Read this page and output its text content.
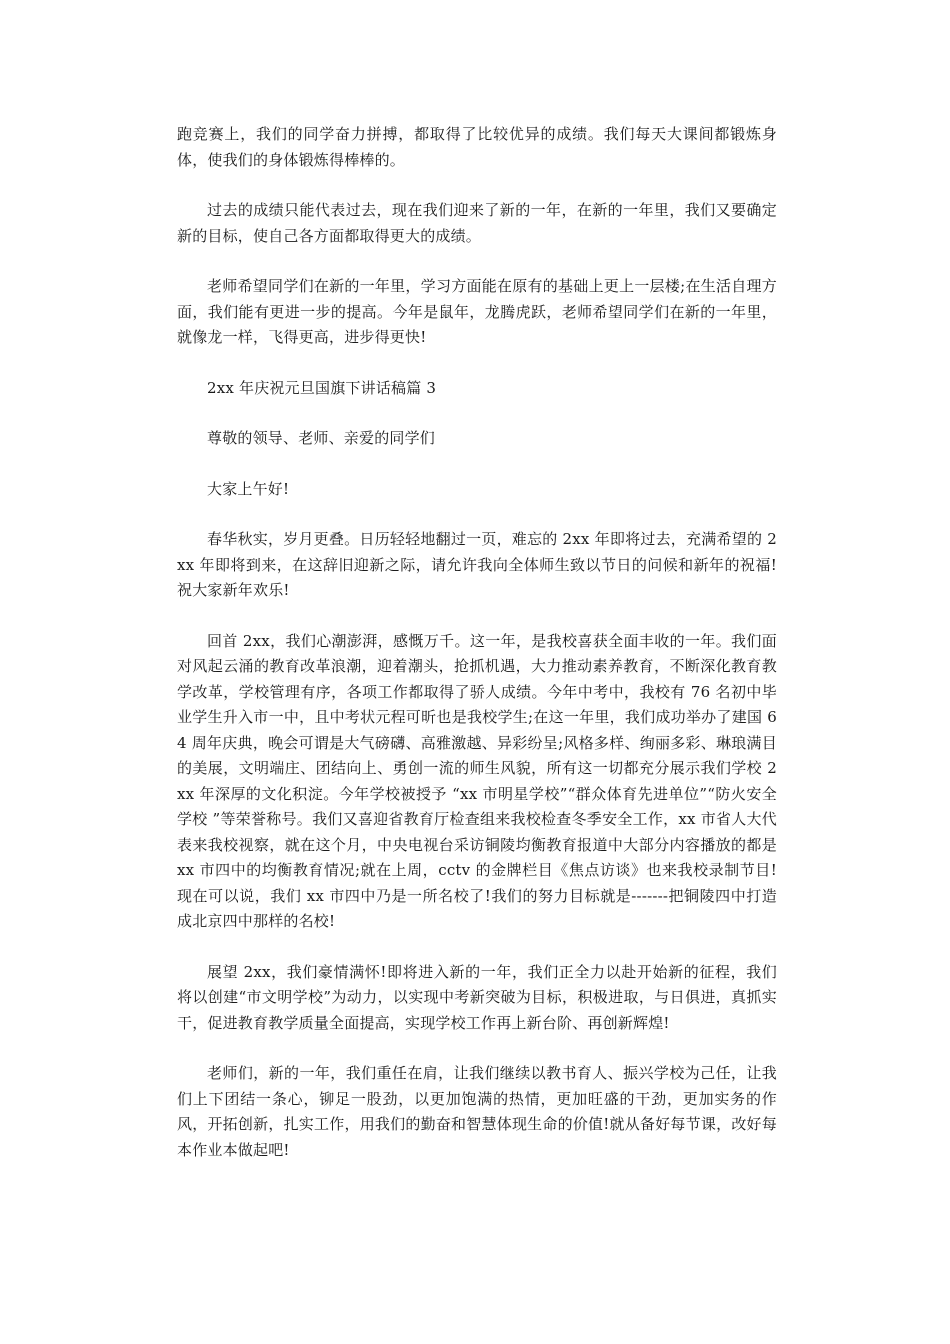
跑竞赛上，我们的同学奋力拼搏，都取得了比较优异的成绩。我们每天大课间都锻炼身体，使我们的身体锻炼得棒棒的。

过去的成绩只能代表过去，现在我们迎来了新的一年，在新的一年里，我们又要确定新的目标，使自己各方面都取得更大的成绩。

老师希望同学们在新的一年里，学习方面能在原有的基础上更上一层楼;在生活自理方面，我们能有更进一步的提高。今年是鼠年，龙腾虎跃，老师希望同学们在新的一年里，就像龙一样，飞得更高，进步得更快!

2xx 年庆祝元旦国旗下讲话稿篇 3

尊敬的领导、老师、亲爱的同学们

大家上午好!

春华秋实，岁月更叠。日历轻轻地翻过一页，难忘的 2xx 年即将过去，充满希望的 2xx 年即将到来，在这辞旧迎新之际，请允许我向全体师生致以节日的问候和新年的祝福!祝大家新年欢乐!

回首 2xx，我们心潮澎湃，感慨万千。这一年，是我校喜获全面丰收的一年。我们面对风起云涌的教育改革浪潮，迎着潮头，抢抓机遇，大力推动素养教育，不断深化教育教学改革，学校管理有序，各项工作都取得了骄人成绩。今年中考中，我校有 76 名初中毕业学生升入市一中，且中考状元程可昕也是我校学生;在这一年里，我们成功举办了建国 64 周年庆典，晚会可谓是大气磅礴、高雅激越、异彩纷呈;风格多样、绚丽多彩、琳琅满目的美展，文明端庄、团结向上、勇创一流的师生风貌，所有这一切都充分展示我们学校 2xx 年深厚的文化积淀。今年学校被授予 “xx 市明星学校”“群众体育先进单位”“防火安全学校 ”等荣誉称号。我们又喜迎省教育厅检查组来我校检查冬季安全工作，xx 市省人大代表来我校视察，就在这个月，中央电视台采访铜陵均衡教育报道中大部分内容播放的都是 xx 市四中的均衡教育情况;就在上周，cctv 的金牌栏目《焦点访谈》也来我校录制节目!现在可以说，我们 xx 市四中乃是一所名校了!我们的努力目标就是-------把铜陵四中打造成北京四中那样的名校!

展望 2xx，我们豪情满怀!即将进入新的一年，我们正全力以赴开始新的征程，我们将以创建“市文明学校”为动力，以实现中考新突破为目标，积极进取，与日俱进，真抓实干，促进教育教学质量全面提高，实现学校工作再上新台阶、再创新辉煌!

老师们，新的一年，我们重任在肩，让我们继续以教书育人、振兴学校为己任，让我们上下团结一条心，铆足一股劲，以更加饱满的热情，更加旺盛的干劲，更加实务的作风，开拓创新，扎实工作，用我们的勤奋和智慧体现生命的价值!就从备好每节课，改好每本作业本做起吧!
